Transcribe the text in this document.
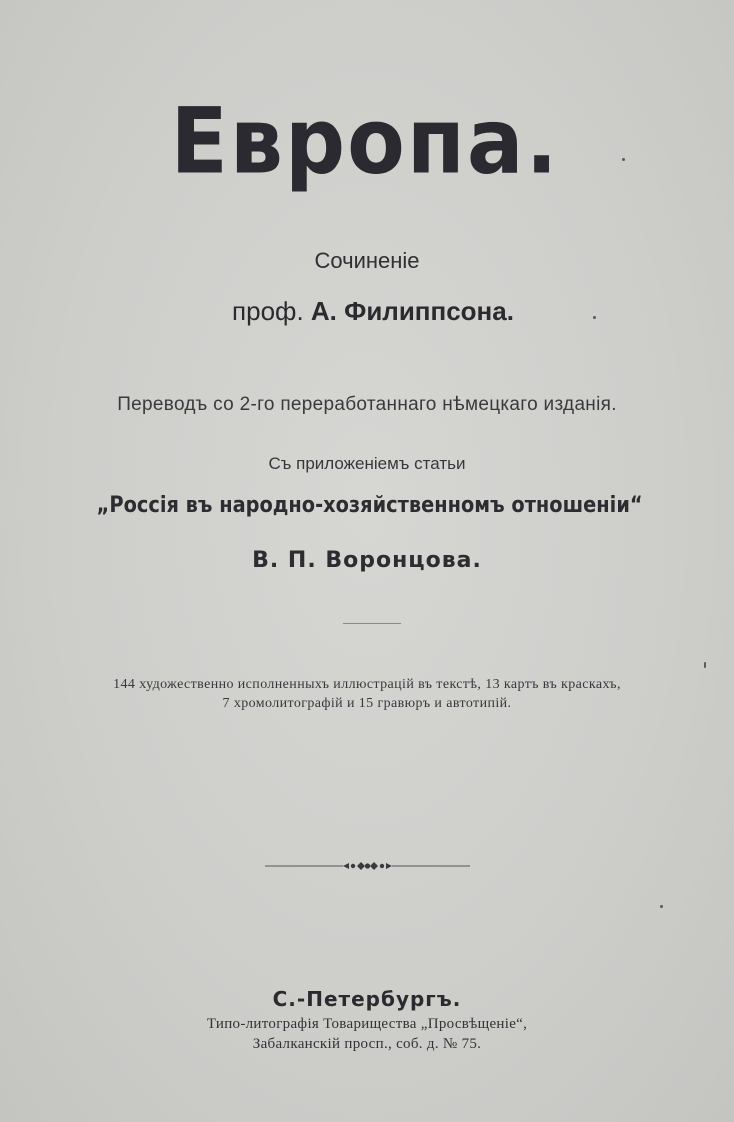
Европа.
Сочиненіе
проф. А. Филиппсона.
Переводъ со 2-го переработаннаго нѣмецкаго изданія.
Съ приложеніемъ статьи
„Россія въ народно-хозяйственномъ отношеніи“
В. П. Воронцова.
144 художественно исполненныхъ иллюстрацій въ текстѣ, 13 картъ въ краскахъ,
7 хромолитографій и 15 гравюръ и автотипій.
С.-Петербургъ.
Типо-литографія Товарищества „Просвѣщеніе“,
Забалканскій просп., соб. д. № 75.
